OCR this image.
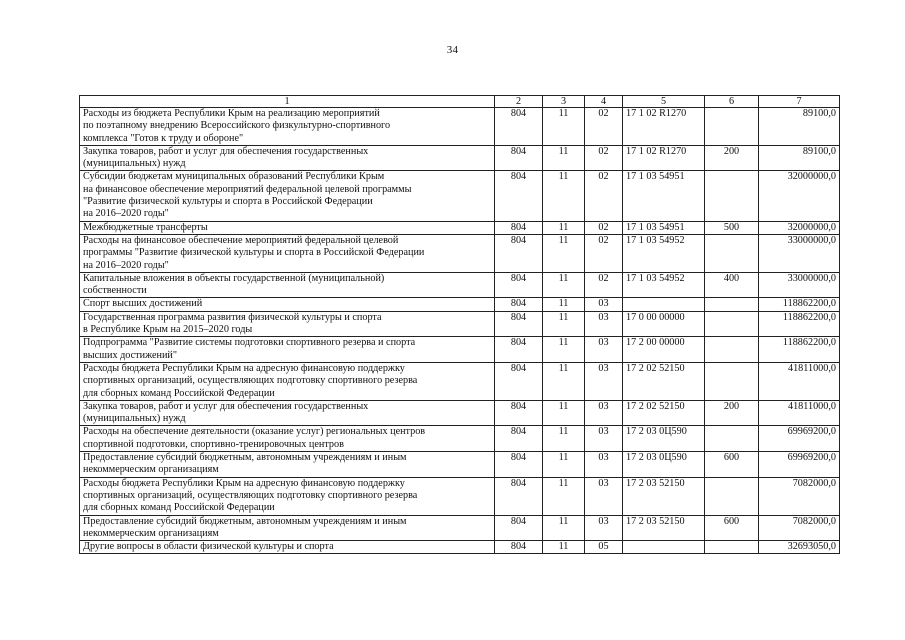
34
1	2	3	4	5	6	7

Расходы из бюджета Республики Крым на реализацию мероприятий
по поэтапному внедрению Всероссийского физкультурно-спортивного
комплекса "Готов к труду и обороне"	804	11	02	17 1 02 R1270		89100,0

Закупка товаров, работ и услуг для обеспечения государственных
(муниципальных) нужд	804	11	02	17 1 02 R1270	200	89100,0

Субсидии бюджетам муниципальных образований Республики Крым
на финансовое обеспечение мероприятий федеральной целевой программы
"Развитие физической культуры и спорта в Российской Федерации
на 2016–2020 годы"	804	11	02	17 1 03 54951		32000000,0

Межбюджетные трансферты	804	11	02	17 1 03 54951	500	32000000,0

Расходы на финансовое обеспечение мероприятий федеральной целевой
программы "Развитие физической культуры и спорта в Российской Федерации
на 2016–2020 годы"	804	11	02	17 1 03 54952		33000000,0

Капитальные вложения в объекты государственной (муниципальной)
собственности	804	11	02	17 1 03 54952	400	33000000,0

Спорт высших достижений	804	11	03			118862200,0

Государственная программа развития физической культуры и спорта
в Республике Крым на 2015–2020 годы	804	11	03	17 0 00 00000		118862200,0

Подпрограмма "Развитие системы подготовки спортивного резерва и спорта
высших достижений"	804	11	03	17 2 00 00000		118862200,0

Расходы бюджета Республики Крым на адресную финансовую поддержку
спортивных организаций, осуществляющих подготовку спортивного резерва
для сборных команд Российской Федерации	804	11	03	17 2 02 52150		41811000,0

Закупка товаров, работ и услуг для обеспечения государственных
(муниципальных) нужд	804	11	03	17 2 02 52150	200	41811000,0

Расходы на обеспечение деятельности (оказание услуг) региональных центров
спортивной подготовки, спортивно-тренировочных центров	804	11	03	17 2 03 0Ц590		69969200,0

Предоставление субсидий бюджетным, автономным учреждениям и иным
некоммерческим организациям	804	11	03	17 2 03 0Ц590	600	69969200,0

Расходы бюджета Республики Крым на адресную финансовую поддержку
спортивных организаций, осуществляющих подготовку спортивного резерва
для сборных команд Российской Федерации	804	11	03	17 2 03 52150		7082000,0

Предоставление субсидий бюджетным, автономным учреждениям и иным
некоммерческим организациям	804	11	03	17 2 03 52150	600	7082000,0

Другие вопросы в области физической культуры и спорта	804	11	05			32693050,0
